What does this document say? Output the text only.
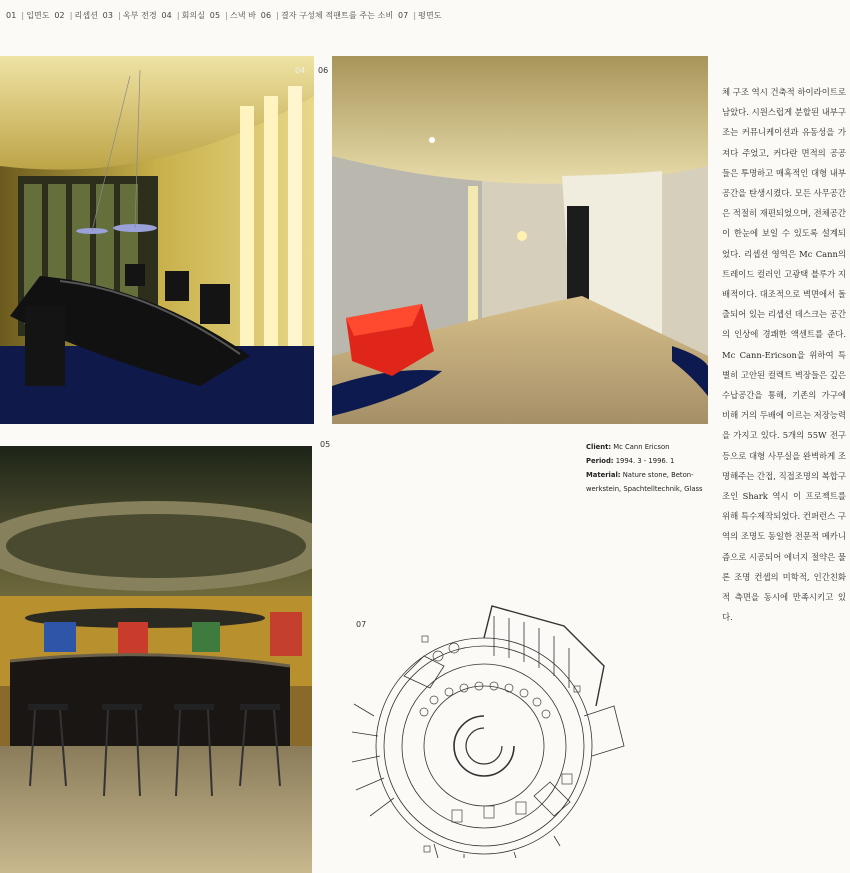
01 | 입면도 02 | 리셉션 03 | 옥부 전경 04 | 회의실 05 | 스낵 바 06 | 결자 구성체 적팬트를 주는 소비 07 | 평면도
04 06
05	Client: Mc Cann Ericson
Period: 1994. 3 - 1996. 1
Material: Nature stone, Beton-werkstein, Spachtelltechnik, Glass

체 구조 역시 건축적 하이라이트로 남았다. 시원스럽게 분할된 내부구조는 커뮤니케이션과 유동성을 가져다 주었고, 커다란 면적의 공공들은 투명하고 매혹적인 대형 내부공간을 탄생시켰다. 모든 사무공간은 적절히 재편되었으며, 전체공간이 한눈에 보일 수 있도록 설계되었다. 리셉션 영역은 Mc Cann의 트레이드 컬러인 고광택 블루가 지배적이다. 대조적으로 벽면에서 돌출되어 있는 리셉션 데스크는 공간의 인상에 경쾌한 액센트를 준다. Mc Cann-Ericson을 위하여 특별히 고안된 컬렉트 벽장들은 깊은 수납공간을 통해, 기존의 가구에 비해 거의 두배에 이르는 저장능력을 가지고 있다. 5개의 55W 전구등으로 대형 사무실을 완벽하게 조명해주는 간접, 직접조명의 복합구조인 Shark 역시 이 프로젝트를 위해 특수제작되었다. 컨퍼런스 구역의 조명도 동일한 전문적 메카니즘으로 시공되어 에너지 절약은 물론 조명 컨셉의 미학적, 인간친화적 측면을 동시에 만족시키고 있다.

07
